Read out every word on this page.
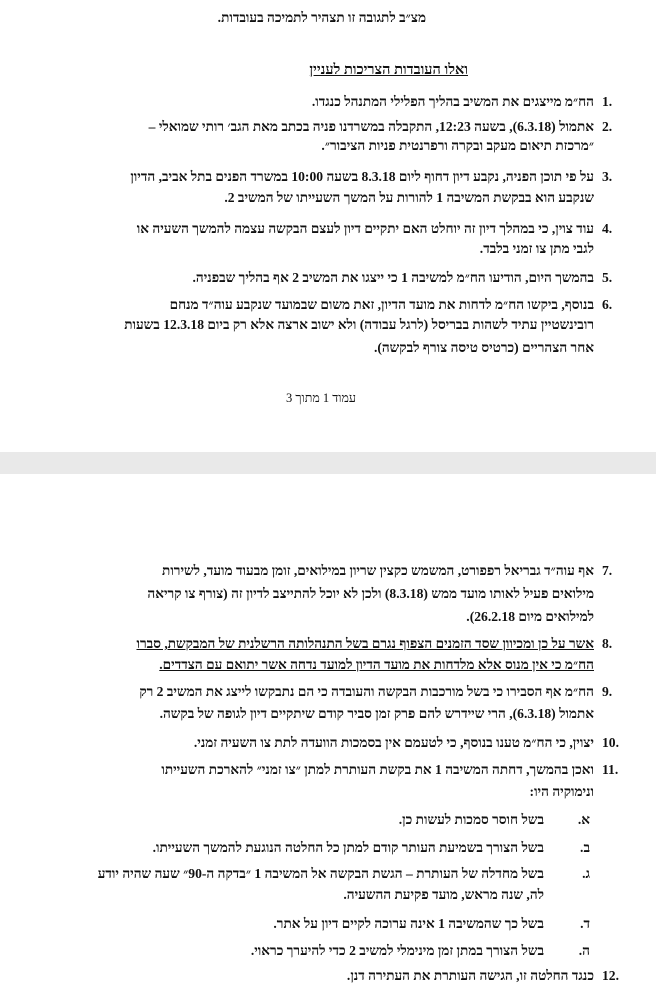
מצ״ב לתגובה זו תצהיר לתמיכה בעובדות.
ואלו העובדות הצריכות לעניין
1.
הח״מ מייצגים את המשיב בהליך הפלילי המתנהל כנגדו.
2.
אתמול (6.3.18), בשעה 12:23, התקבלה במשרדנו פניה בכתב מאת הגב׳ רותי שמואלי –
״מרכזת תיאום מעקב ובקרה ורפרנטית פניות הציבור״.
3.
על פי תוכן הפניה, נקבע דיון דחוף ליום 8.3.18 בשעה 10:00 במשרד הפנים בתל אביב, הדיון
שנקבע הוא בבקשת המשיבה 1 להורות על המשך השעייתו של המשיב 2.
4.
עוד צוין, כי במהלך דיון זה יוחלט האם יתקיים דיון לעצם הבקשה עצמה להמשך השעיה או
לגבי מתן צו זמני בלבד.
5.
בהמשך היום, הודיעו הח״מ למשיבה 1 כי ייצגו את המשיב 2 אף בהליך שבפניה.
6.
בנוסף, ביקשו הח״מ לדחות את מועד הדיון, זאת משום שבמועד שנקבע עוה״ד מנחם
רובינשטיין עתיד לשהות בבריסל (לרגל עבודה) ולא ישוב ארצה אלא רק ביום 12.3.18 בשעות
אחר הצהריים (כרטיס טיסה צורף לבקשה).
עמוד 1 מתוך 3
7.
אף עוה״ד גבריאל רפפורט, המשמש כקצין שריון במילואים, זומן מבעוד מועד, לשירות
מילואים פעיל לאותו מועד ממש (8.3.18) ולכן לא יוכל להתייצב לדיון זה (צורף צו קריאה
למילואים מיום 26.2.18).
8.
אשר על כן ומכיוון שסד הזמנים הצפוף נגרם בשל התנהלותה הרשלנית של המבקשת, סברו
הח״מ כי אין מנוס אלא מלדחות את מועד הדיון למועד נדחה אשר יתואם עם הצדדים.
9.
הח״מ אף הסבירו כי בשל מורכבות הבקשה והעובדה כי הם נתבקשו לייצג את המשיב 2 רק
אתמול (6.3.18), הרי שיידרש להם פרק זמן סביר קודם שיתקיים דיון לגופה של בקשה.
10.
יצוין, כי הח״מ טענו בנוסף, כי לטעמם אין בסמכות הוועדה לתת צו השעיה זמני.
11.
ואכן בהמשך, דחתה המשיבה 1 את בקשת העותרת למתן ״צו זמני״ להארכת השעייתו
ונימוקיה היו:
א.
בשל חוסר סמכות לעשות כן.
ב.
בשל הצורך בשמיעת העותר קודם למתן כל החלטה הנוגעת להמשך השעייתו.
ג.
בשל מחדלה של העותרת – הגשת הבקשה אל המשיבה 1 ״בדקה ה-90״ שעה שהיה יודע
לה, שנה מראש, מועד פקיעת ההשעיה.
ד.
בשל כך שהמשיבה 1 אינה ערוכה לקיים דיון על אתר.
ה.
בשל הצורך במתן זמן מינימלי למשיב 2 כדי להיערך כראוי.
12.
כנגד החלטה זו, הגישה העותרת את העתירה דנן.
